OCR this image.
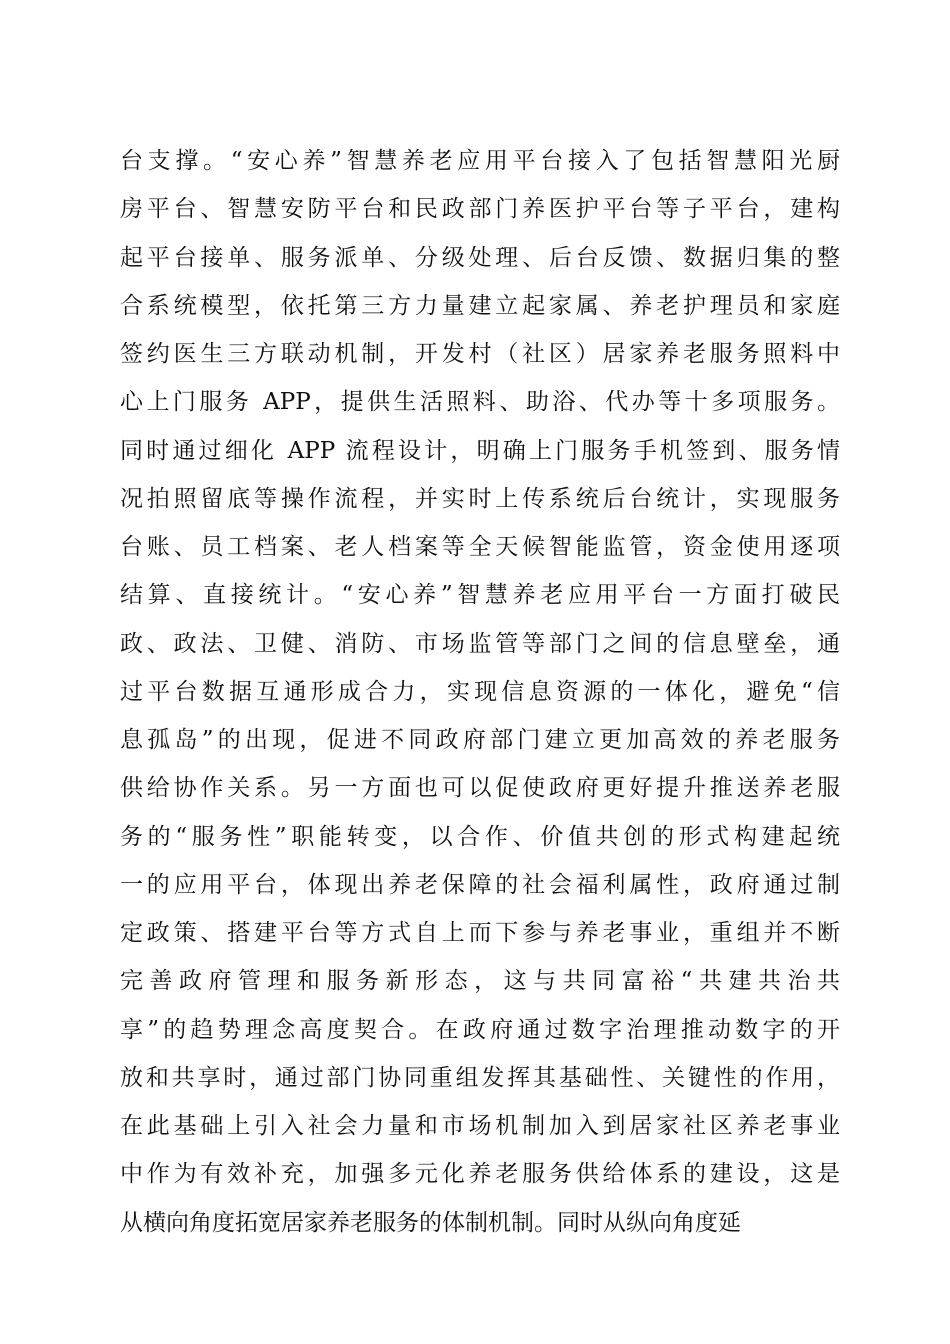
台支撑。“安心养”智慧养老应用平台接入了包括智慧阳光厨
房平台、智慧安防平台和民政部门养医护平台等子平台，建构
起平台接单、服务派单、分级处理、后台反馈、数据归集的整
合系统模型，依托第三方力量建立起家属、养老护理员和家庭
签约医生三方联动机制，开发村（社区）居家养老服务照料中
心上门服务 APP，提供生活照料、助浴、代办等十多项服务。
同时通过细化 APP 流程设计，明确上门服务手机签到、服务情
况拍照留底等操作流程，并实时上传系统后台统计，实现服务
台账、员工档案、老人档案等全天候智能监管，资金使用逐项
结算、直接统计。“安心养”智慧养老应用平台一方面打破民
政、政法、卫健、消防、市场监管等部门之间的信息壁垒，通
过平台数据互通形成合力，实现信息资源的一体化，避免“信
息孤岛”的出现，促进不同政府部门建立更加高效的养老服务
供给协作关系。另一方面也可以促使政府更好提升推送养老服
务的“服务性”职能转变，以合作、价值共创的形式构建起统
一的应用平台，体现出养老保障的社会福利属性，政府通过制
定政策、搭建平台等方式自上而下参与养老事业，重组并不断
完善政府管理和服务新形态，这与共同富裕“共建共治共
享”的趋势理念高度契合。在政府通过数字治理推动数字的开
放和共享时，通过部门协同重组发挥其基础性、关键性的作用，
在此基础上引入社会力量和市场机制加入到居家社区养老事业
中作为有效补充，加强多元化养老服务供给体系的建设，这是
从横向角度拓宽居家养老服务的体制机制。同时从纵向角度延
